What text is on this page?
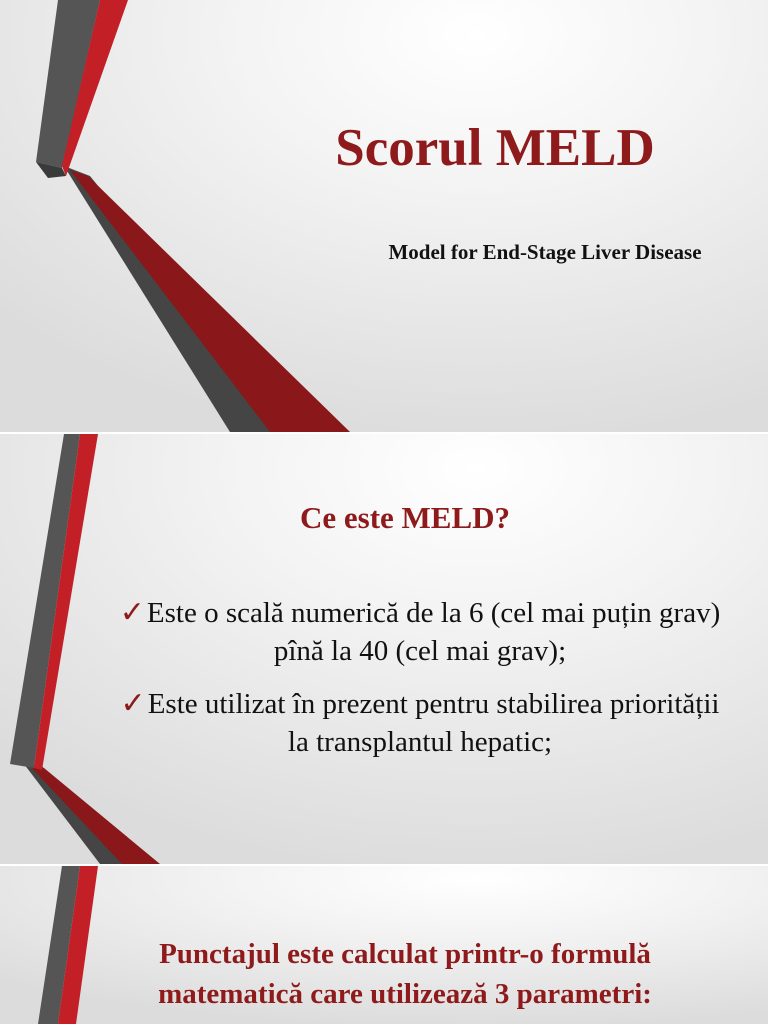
Scorul MELD
Model for End-Stage Liver Disease
Ce este MELD?
✓Este o scală numerică de la 6 (cel mai puțin grav) pînă la 40 (cel mai grav);
✓Este utilizat în prezent pentru stabilirea priorității la transplantul hepatic;
Punctajul este calculat printr-o formulă matematică care utilizează 3 parametri:
